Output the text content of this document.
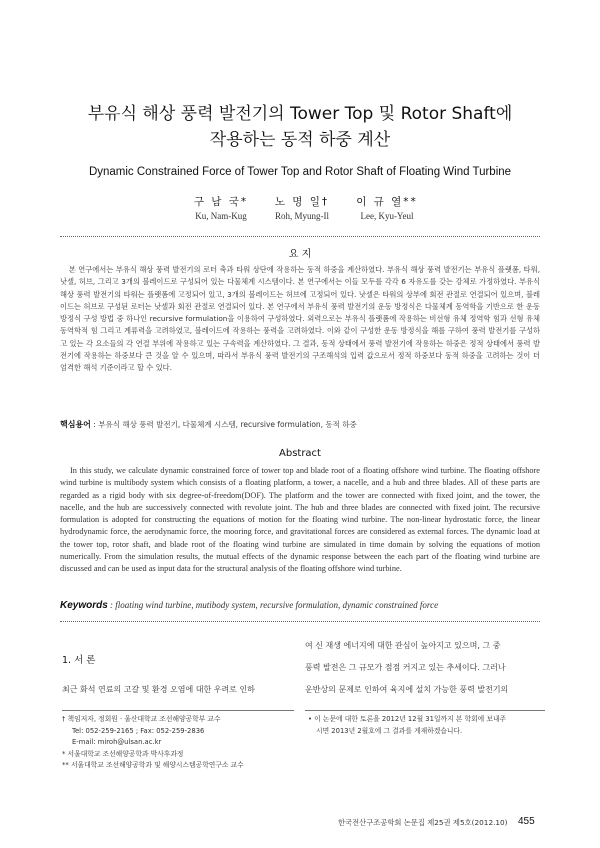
부유식 해상 풍력 발전기의 Tower Top 및 Rotor Shaft에
작용하는 동적 하중 계산
Dynamic Constrained Force of Tower Top and Rotor Shaft of Floating Wind Turbine
구 남 국*
Ku, Nam-Kug
노 명 일†
Roh, Myung-Il
이 규 열**
Lee, Kyu-Yeul
요 지
본 연구에서는 부유식 해상 풍력 발전기의 로터 축과 타워 상단에 작용하는 동적 하중을 계산하였다. 부유식 해상 풍력 발전기는 부유식 플랫폼, 타워, 낫셀, 허브, 그리고 3개의 블레이드로 구성되어 있는 다물체계 시스템이다. 본 연구에서는 이들 모두를 각각 6 자유도를 갖는 강체로 가정하였다. 부유식 해상 풍력 발전기의 타워는 플랫폼에 고정되어 있고, 3개의 블레이드는 허브에 고정되어 있다. 낫셀은 타워의 상부에 회전 관절로 연결되어 있으며, 블레이드는 허브로 구성된 로터는 낫셀과 회전 관절로 연결되어 있다. 본 연구에서 부유식 풍력 발전기의 운동 방정식은 다물체계 동역학을 기반으로 한 운동방정식 구성 방법 중 하나인 recursive formulation을 이용하여 구성하였다. 외력으로는 부유식 플랫폼에 작용하는 비선형 유체 정역학 힘과 선형 유체 동역학적 힘 그리고 계류력을 고려하였고, 블레이드에 작용하는 풍력을 고려하였다. 이와 같이 구성한 운동 방정식을 해를 구하여 풍력 발전기를 구성하고 있는 각 요소들의 각 연결 부위에 작용하고 있는 구속력을 계산하였다. 그 결과, 동적 상태에서 풍력 발전기에 작용하는 하중은 정적 상태에서 풍력 발전기에 작용하는 하중보다 큰 것을 알 수 있으며, 따라서 부유식 풍력 발전기의 구조해석의 입력 값으로서 정적 하중보다 동적 하중을 고려하는 것이 더 엄격한 해석 기준이라고 할 수 있다.
핵심용어 : 부유식 해상 풍력 발전기, 다물체계 시스템, recursive formulation, 동적 하중
Abstract
In this study, we calculate dynamic constrained force of tower top and blade root of a floating offshore wind turbine. The floating offshore wind turbine is multibody system which consists of a floating platform, a tower, a nacelle, and a hub and three blades. All of these parts are regarded as a rigid body with six degree-of-freedom(DOF). The platform and the tower are connected with fixed joint, and the tower, the nacelle, and the hub are successively connected with revolute joint. The hub and three blades are connected with fixed joint. The recursive formulation is adopted for constructing the equations of motion for the floating wind turbine. The non-linear hydrostatic force, the linear hydrodynamic force, the aerodynamic force, the mooring force, and gravitational forces are considered as external forces. The dynamic load at the tower top, rotor shaft, and blade root of the floating wind turbine are simulated in time domain by solving the equations of motion numerically. From the simulation results, the mutual effects of the dynamic response between the each part of the floating wind turbine are discussed and can be used as input data for the structural analysis of the floating offshore wind turbine.
Keywords : floating wind turbine, mutibody system, recursive formulation, dynamic constrained force
1. 서 론
최근 화석 연료의 고갈 및 환경 오염에 대한 우려로 인하
여 신 재생 에너지에 대한 관심이 높아지고 있으며, 그 중
풍력 발전은 그 규모가 점점 커지고 있는 추세이다. 그러나
운반상의 문제로 인하여 육지에 설치 가능한 풍력 발전기의
† 책임저자, 정회원 · 울산대학교 조선해양공학부 교수
Tel: 052-259-2165 ; Fax: 052-259-2836
E-mail: miroh@ulsan.ac.kr
* 서울대학교 조선해양공학과 박사후과정
** 서울대학교 조선해양공학과 및 해양시스템공학연구소 교수
• 이 논문에 대한 토론을 2012년 12월 31일까지 본 학회에 보내주
시면 2013년 2월호에 그 결과를 게재하겠습니다.
한국전산구조공학회 논문집 제25권 제5호(2012.10) 455
